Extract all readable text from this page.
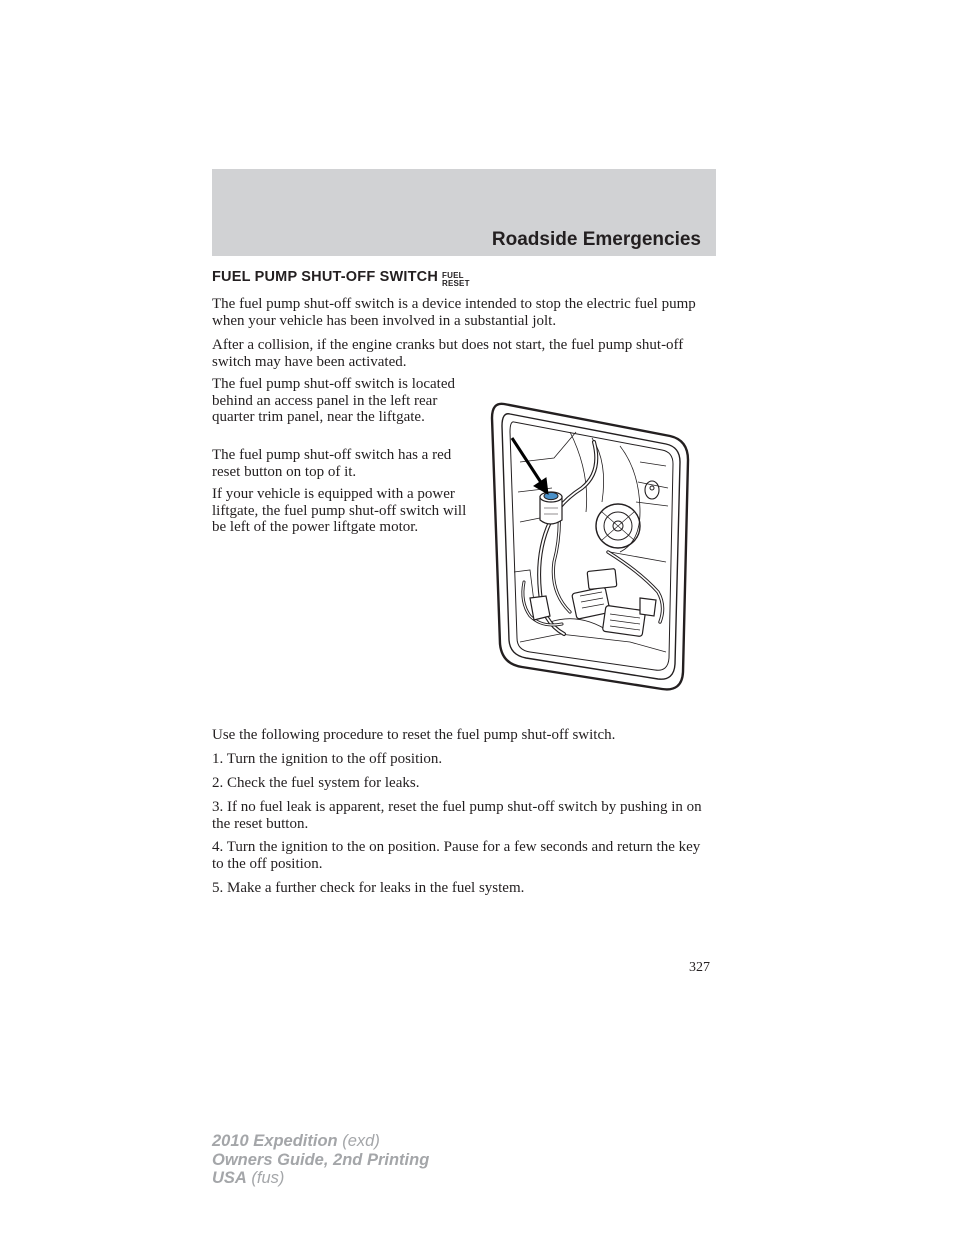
Roadside Emergencies
FUEL PUMP SHUT-OFF SWITCH FUEL
RESET

The fuel pump shut-off switch is a device intended to stop the electric fuel pump when your vehicle has been involved in a substantial jolt.

After a collision, if the engine cranks but does not start, the fuel pump shut-off switch may have been activated.

The fuel pump shut-off switch is located behind an access panel in the left rear quarter trim panel, near the liftgate.

The fuel pump shut-off switch has a red reset button on top of it.

If your vehicle is equipped with a power liftgate, the fuel pump shut-off switch will be left of the power liftgate motor.

Use the following procedure to reset the fuel pump shut-off switch.

1. Turn the ignition to the off position.

2. Check the fuel system for leaks.

3. If no fuel leak is apparent, reset the fuel pump shut-off switch by pushing in on the reset button.

4. Turn the ignition to the on position. Pause for a few seconds and return the key to the off position.

5. Make a further check for leaks in the fuel system.

327

2010 Expedition (exd)
Owners Guide, 2nd Printing
USA (fus)
